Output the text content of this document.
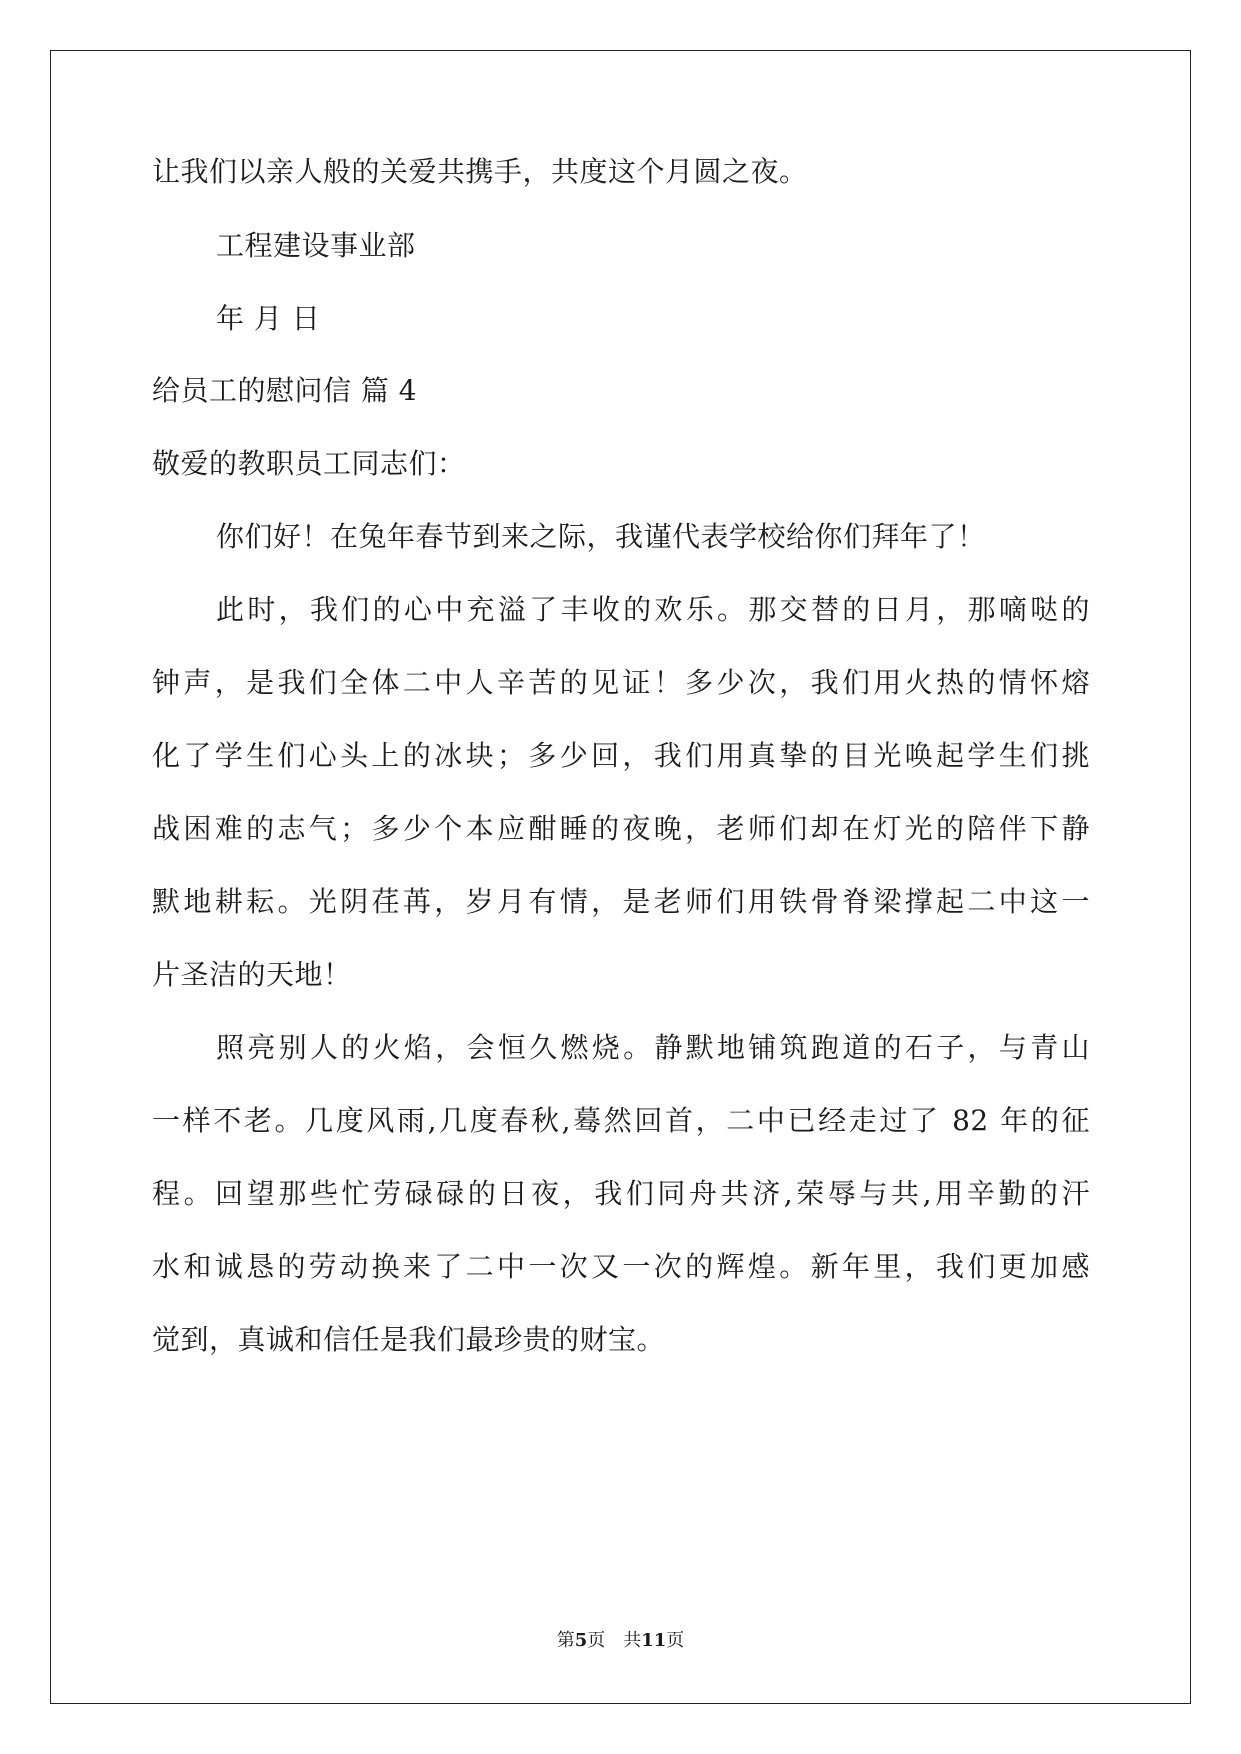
让我们以亲人般的关爱共携手，共度这个月圆之夜。

工程建设事业部

年 月 日

给员工的慰问信 篇 4

敬爱的教职员工同志们：

你们好！在兔年春节到来之际，我谨代表学校给你们拜年了！

此时，我们的心中充溢了丰收的欢乐。那交替的日月，那嘀哒的

钟声，是我们全体二中人辛苦的见证！多少次，我们用火热的情怀熔

化了学生们心头上的冰块；多少回，我们用真挚的目光唤起学生们挑

战困难的志气；多少个本应酣睡的夜晚，老师们却在灯光的陪伴下静

默地耕耘。光阴荏苒，岁月有情，是老师们用铁骨脊梁撑起二中这一

片圣洁的天地！

照亮别人的火焰，会恒久燃烧。静默地铺筑跑道的石子，与青山

一样不老。几度风雨,几度春秋,蓦然回首，二中已经走过了 82 年的征

程。回望那些忙劳碌碌的日夜，我们同舟共济,荣辱与共,用辛勤的汗

水和诚恳的劳动换来了二中一次又一次的辉煌。新年里，我们更加感

觉到，真诚和信任是我们最珍贵的财宝。

第5页 共11页
